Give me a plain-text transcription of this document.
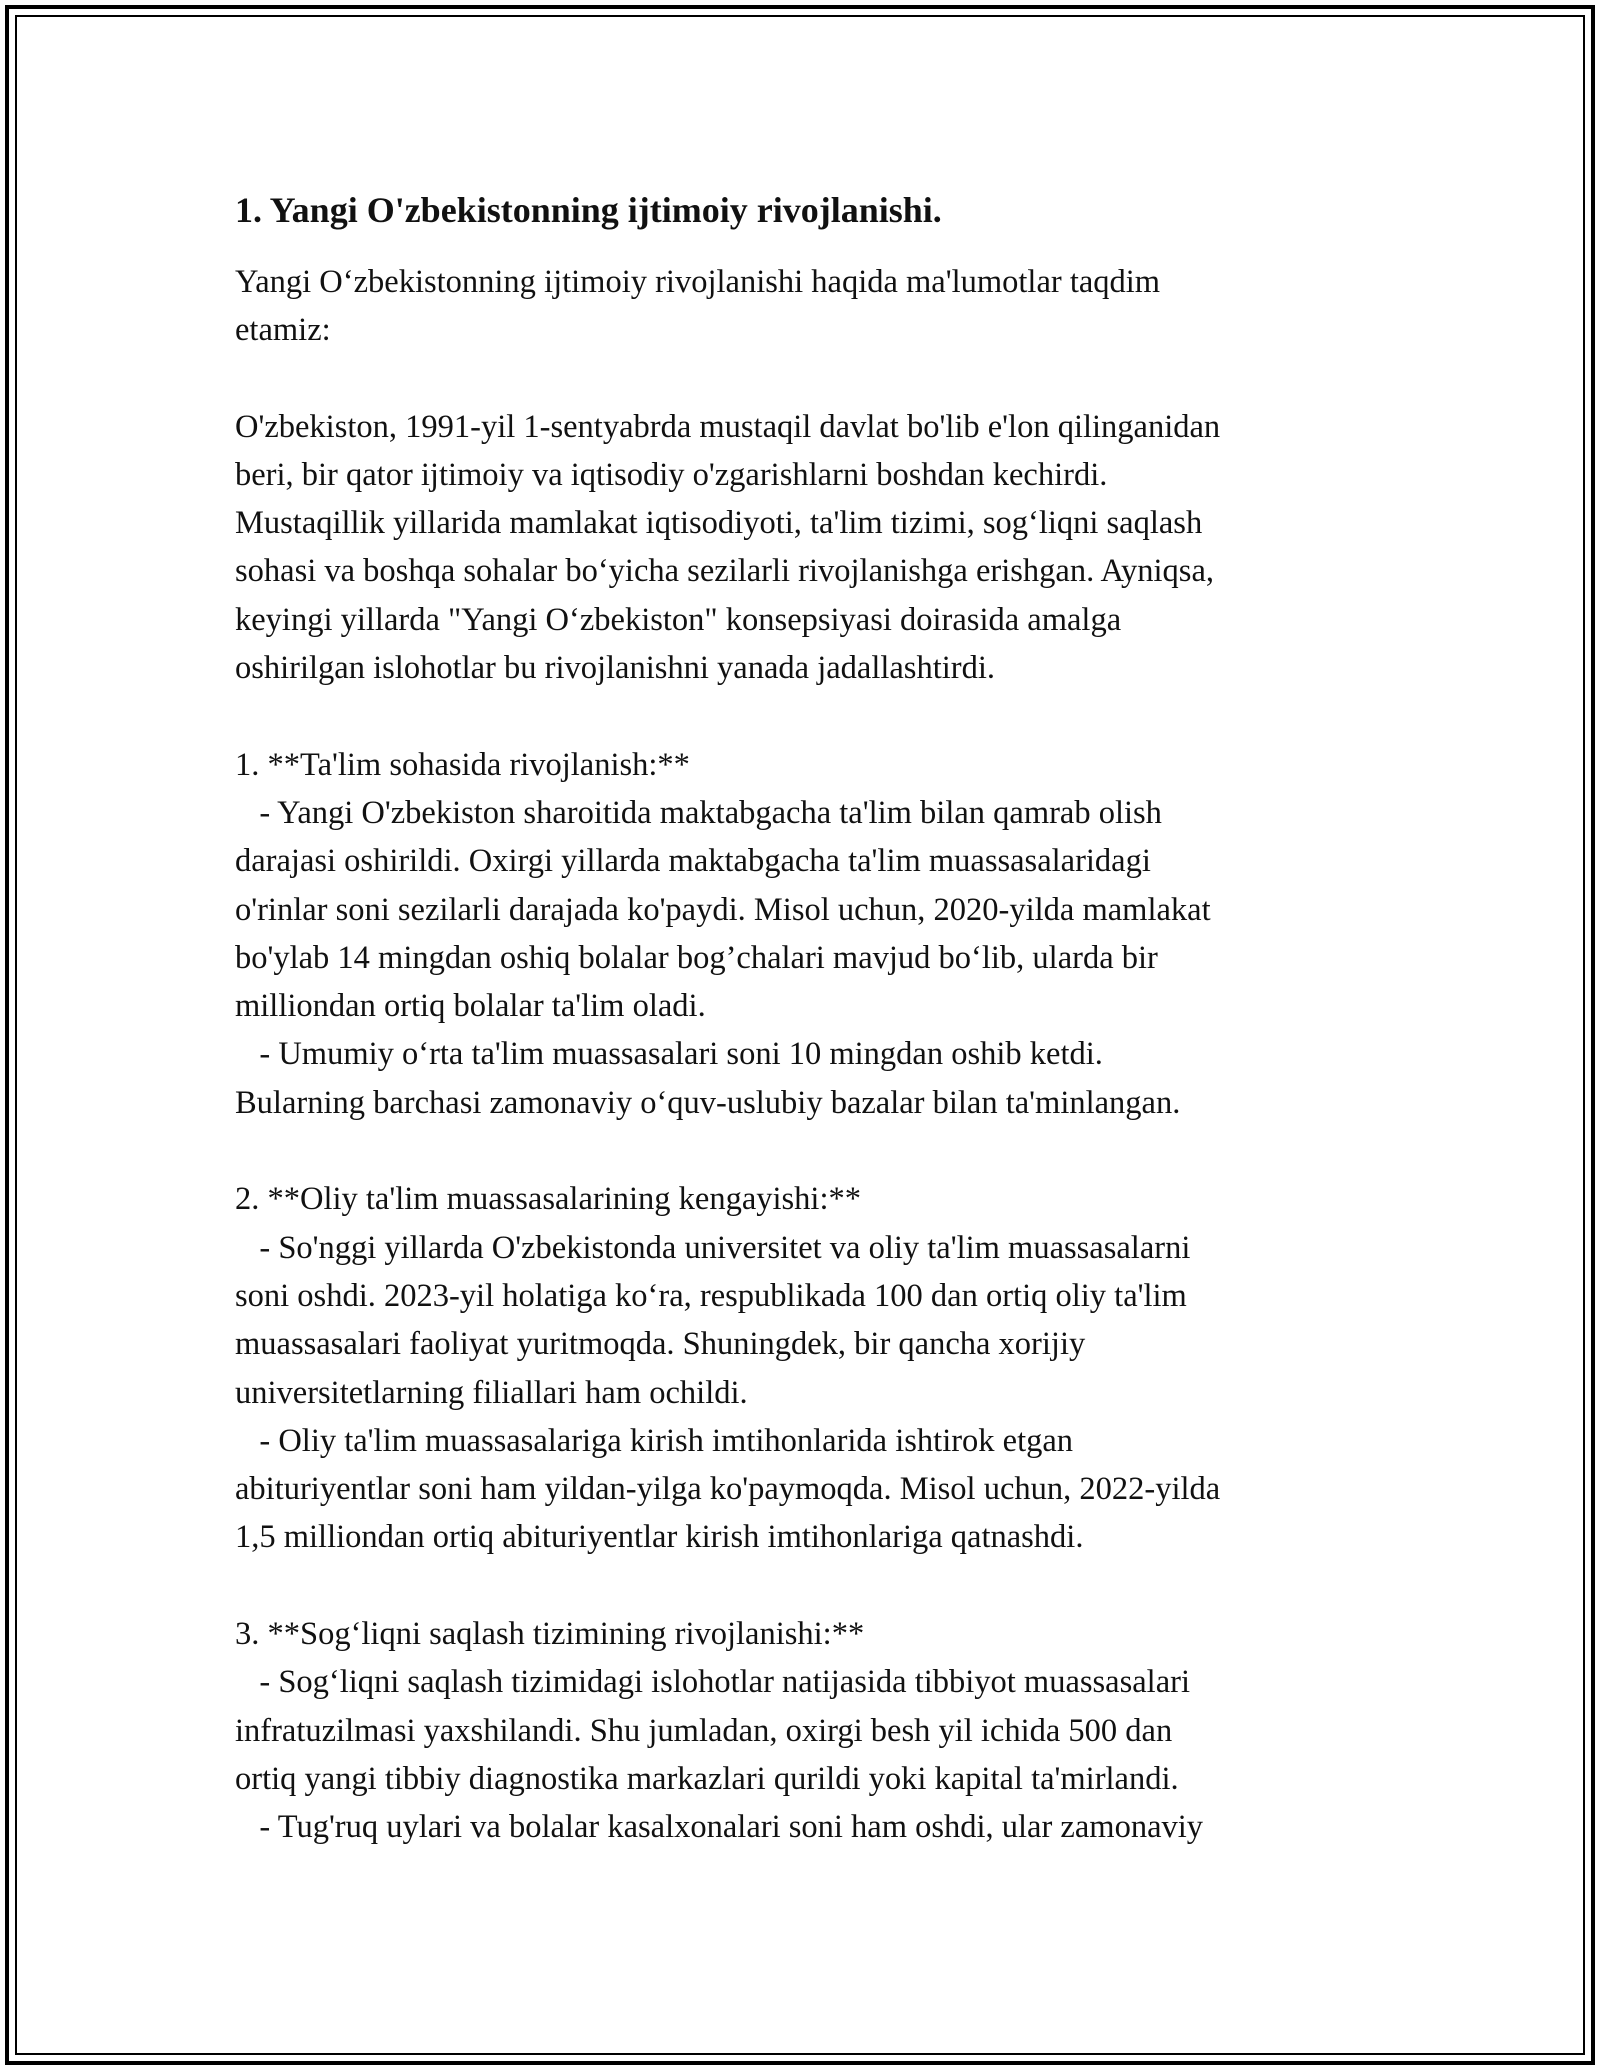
1. Yangi O'zbekistonning ijtimoiy rivojlanishi.
Yangi O‘zbekistonning ijtimoiy rivojlanishi haqida ma'lumotlar taqdim
etamiz:
O'zbekiston, 1991-yil 1-sentyabrda mustaqil davlat bo'lib e'lon qilinganidan
beri, bir qator ijtimoiy va iqtisodiy o'zgarishlarni boshdan kechirdi.
Mustaqillik yillarida mamlakat iqtisodiyoti, ta'lim tizimi, sog‘liqni saqlash
sohasi va boshqa sohalar bo‘yicha sezilarli rivojlanishga erishgan. Ayniqsa,
keyingi yillarda "Yangi O‘zbekiston" konsepsiyasi doirasida amalga
oshirilgan islohotlar bu rivojlanishni yanada jadallashtirdi.
1. **Ta'lim sohasida rivojlanish:**
- Yangi O'zbekiston sharoitida maktabgacha ta'lim bilan qamrab olish
darajasi oshirildi. Oxirgi yillarda maktabgacha ta'lim muassasalaridagi
o'rinlar soni sezilarli darajada ko'paydi. Misol uchun, 2020-yilda mamlakat
bo'ylab 14 mingdan oshiq bolalar bog’chalari mavjud bo‘lib, ularda bir
milliondan ortiq bolalar ta'lim oladi.
- Umumiy o‘rta ta'lim muassasalari soni 10 mingdan oshib ketdi.
Bularning barchasi zamonaviy o‘quv-uslubiy bazalar bilan ta'minlangan.
2. **Oliy ta'lim muassasalarining kengayishi:**
- So'nggi yillarda O'zbekistonda universitet va oliy ta'lim muassasalarni
soni oshdi. 2023-yil holatiga ko‘ra, respublikada 100 dan ortiq oliy ta'lim
muassasalari faoliyat yuritmoqda. Shuningdek, bir qancha xorijiy
universitetlarning filiallari ham ochildi.
- Oliy ta'lim muassasalariga kirish imtihonlarida ishtirok etgan
abituriyentlar soni ham yildan-yilga ko'paymoqda. Misol uchun, 2022-yilda
1,5 milliondan ortiq abituriyentlar kirish imtihonlariga qatnashdi.
3. **Sog‘liqni saqlash tizimining rivojlanishi:**
- Sog‘liqni saqlash tizimidagi islohotlar natijasida tibbiyot muassasalari
infratuzilmasi yaxshilandi. Shu jumladan, oxirgi besh yil ichida 500 dan
ortiq yangi tibbiy diagnostika markazlari qurildi yoki kapital ta'mirlandi.
- Tug'ruq uylari va bolalar kasalxonalari soni ham oshdi, ular zamonaviy
